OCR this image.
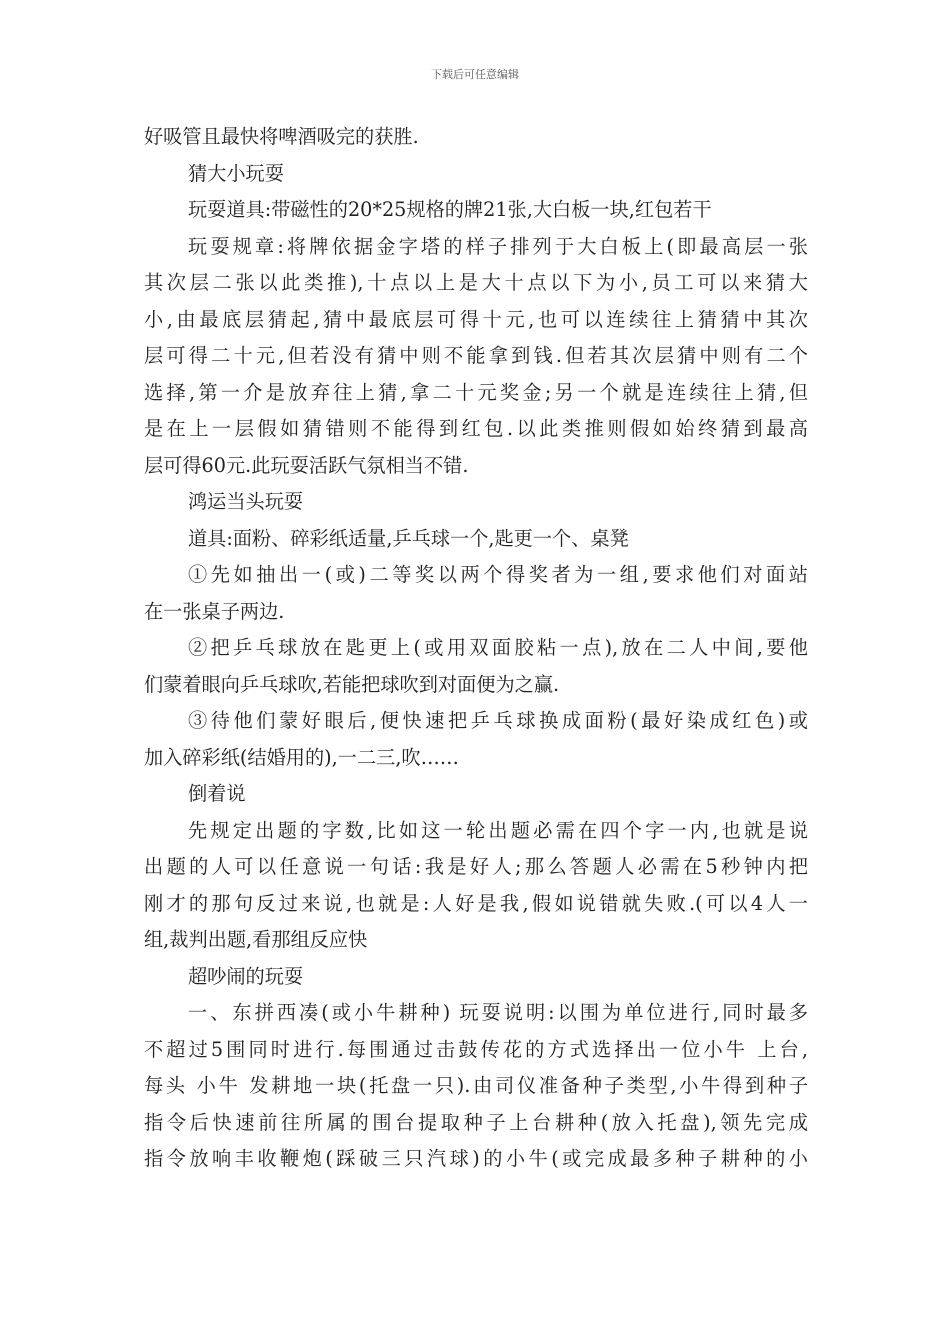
下载后可任意编辑

好吸管且最快将啤酒吸完的获胜.

猜大小玩耍

玩耍道具:带磁性的20*25规格的牌21张,大白板一块,红包若干

玩耍规章:将牌依据金字塔的样子排列于大白板上(即最高层一张

其次层二张以此类推),十点以上是大十点以下为小,员工可以来猜大

小,由最底层猜起,猜中最底层可得十元,也可以连续往上猜猜中其次

层可得二十元,但若没有猜中则不能拿到钱.但若其次层猜中则有二个

选择,第一介是放弃往上猜,拿二十元奖金;另一个就是连续往上猜,但

是在上一层假如猜错则不能得到红包.以此类推则假如始终猜到最高

层可得60元.此玩耍活跃气氛相当不错.

鸿运当头玩耍

道具:面粉、碎彩纸适量,乒乓球一个,匙更一个、桌凳

①先如抽出一(或)二等奖以两个得奖者为一组,要求他们对面站

在一张桌子两边.

②把乒乓球放在匙更上(或用双面胶粘一点),放在二人中间,要他

们蒙着眼向乒乓球吹,若能把球吹到对面便为之赢.

③待他们蒙好眼后,便快速把乒乓球换成面粉(最好染成红色)或

加入碎彩纸(结婚用的),一二三,吹……

倒着说

先规定出题的字数,比如这一轮出题必需在四个字一内,也就是说

出题的人可以任意说一句话:我是好人;那么答题人必需在5秒钟内把

刚才的那句反过来说,也就是:人好是我,假如说错就失败.(可以4人一

组,裁判出题,看那组反应快

超吵闹的玩耍

一、东拼西凑(或小牛耕种) 玩耍说明:以围为单位进行,同时最多

不超过5围同时进行.每围通过击鼓传花的方式选择出一位小牛 上台,

每头 小牛 发耕地一块(托盘一只).由司仪准备种子类型,小牛得到种子

指令后快速前往所属的围台提取种子上台耕种(放入托盘),领先完成

指令放响丰收鞭炮(踩破三只汽球)的小牛(或完成最多种子耕种的小
